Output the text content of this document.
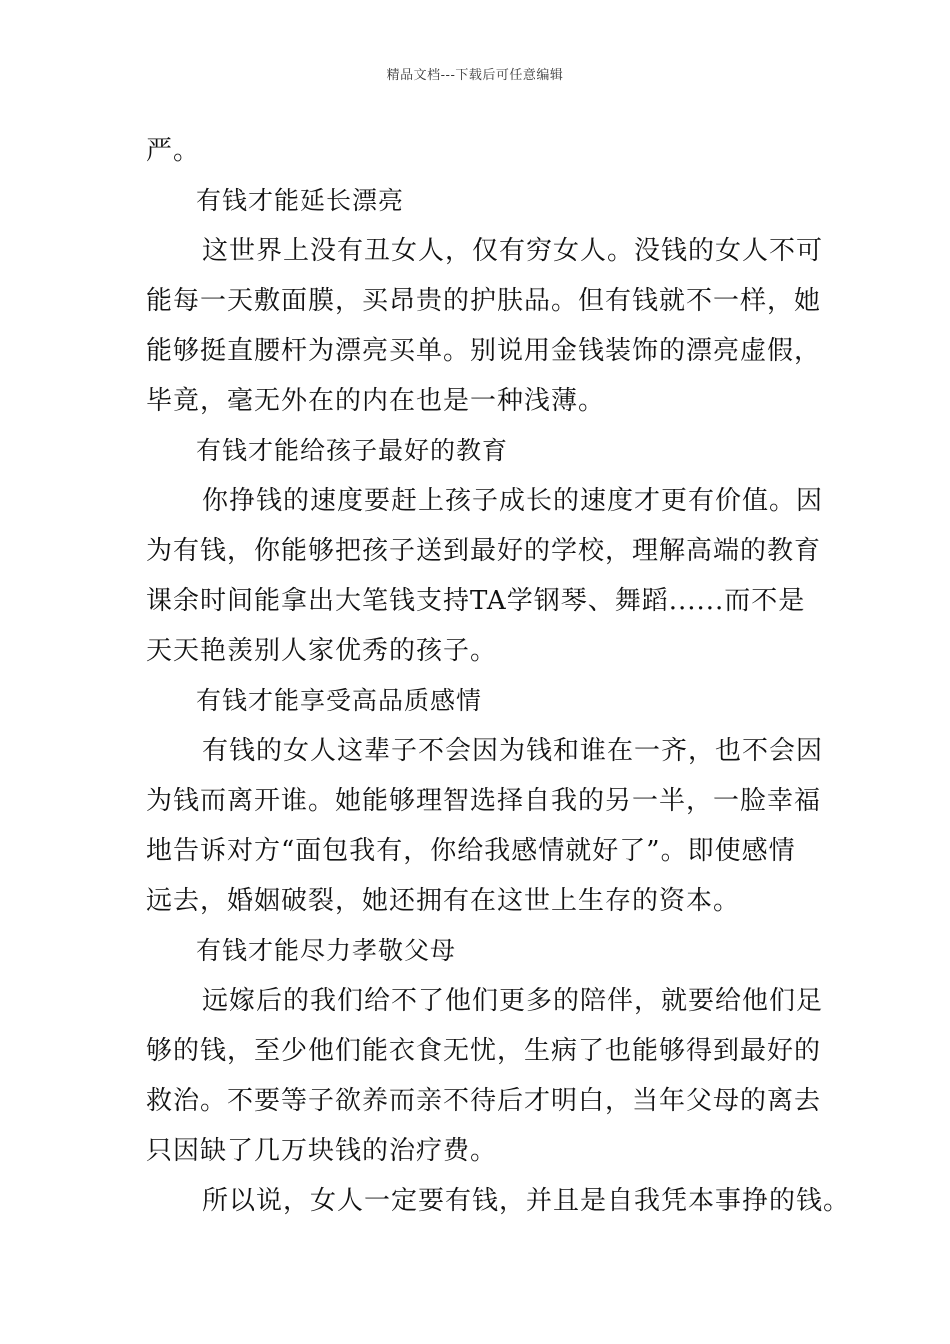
精品文档---下载后可任意编辑
严。
有钱才能延长漂亮
这世界上没有丑女人，仅有穷女人。没钱的女人不可
能每一天敷面膜，买昂贵的护肤品。但有钱就不一样，她
能够挺直腰杆为漂亮买单。别说用金钱装饰的漂亮虚假，
毕竟，毫无外在的内在也是一种浅薄。
有钱才能给孩子最好的教育
你挣钱的速度要赶上孩子成长的速度才更有价值。因
为有钱，你能够把孩子送到最好的学校，理解高端的教育
课余时间能拿出大笔钱支持TA学钢琴、舞蹈......而不是
天天艳羡别人家优秀的孩子。
有钱才能享受高品质感情
有钱的女人这辈子不会因为钱和谁在一齐，也不会因
为钱而离开谁。她能够理智选择自我的另一半，一脸幸福
地告诉对方“面包我有，你给我感情就好了”。即使感情
远去，婚姻破裂，她还拥有在这世上生存的资本。
有钱才能尽力孝敬父母
远嫁后的我们给不了他们更多的陪伴，就要给他们足
够的钱，至少他们能衣食无忧，生病了也能够得到最好的
救治。不要等子欲养而亲不待后才明白，当年父母的离去
只因缺了几万块钱的治疗费。
所以说，女人一定要有钱，并且是自我凭本事挣的钱。
